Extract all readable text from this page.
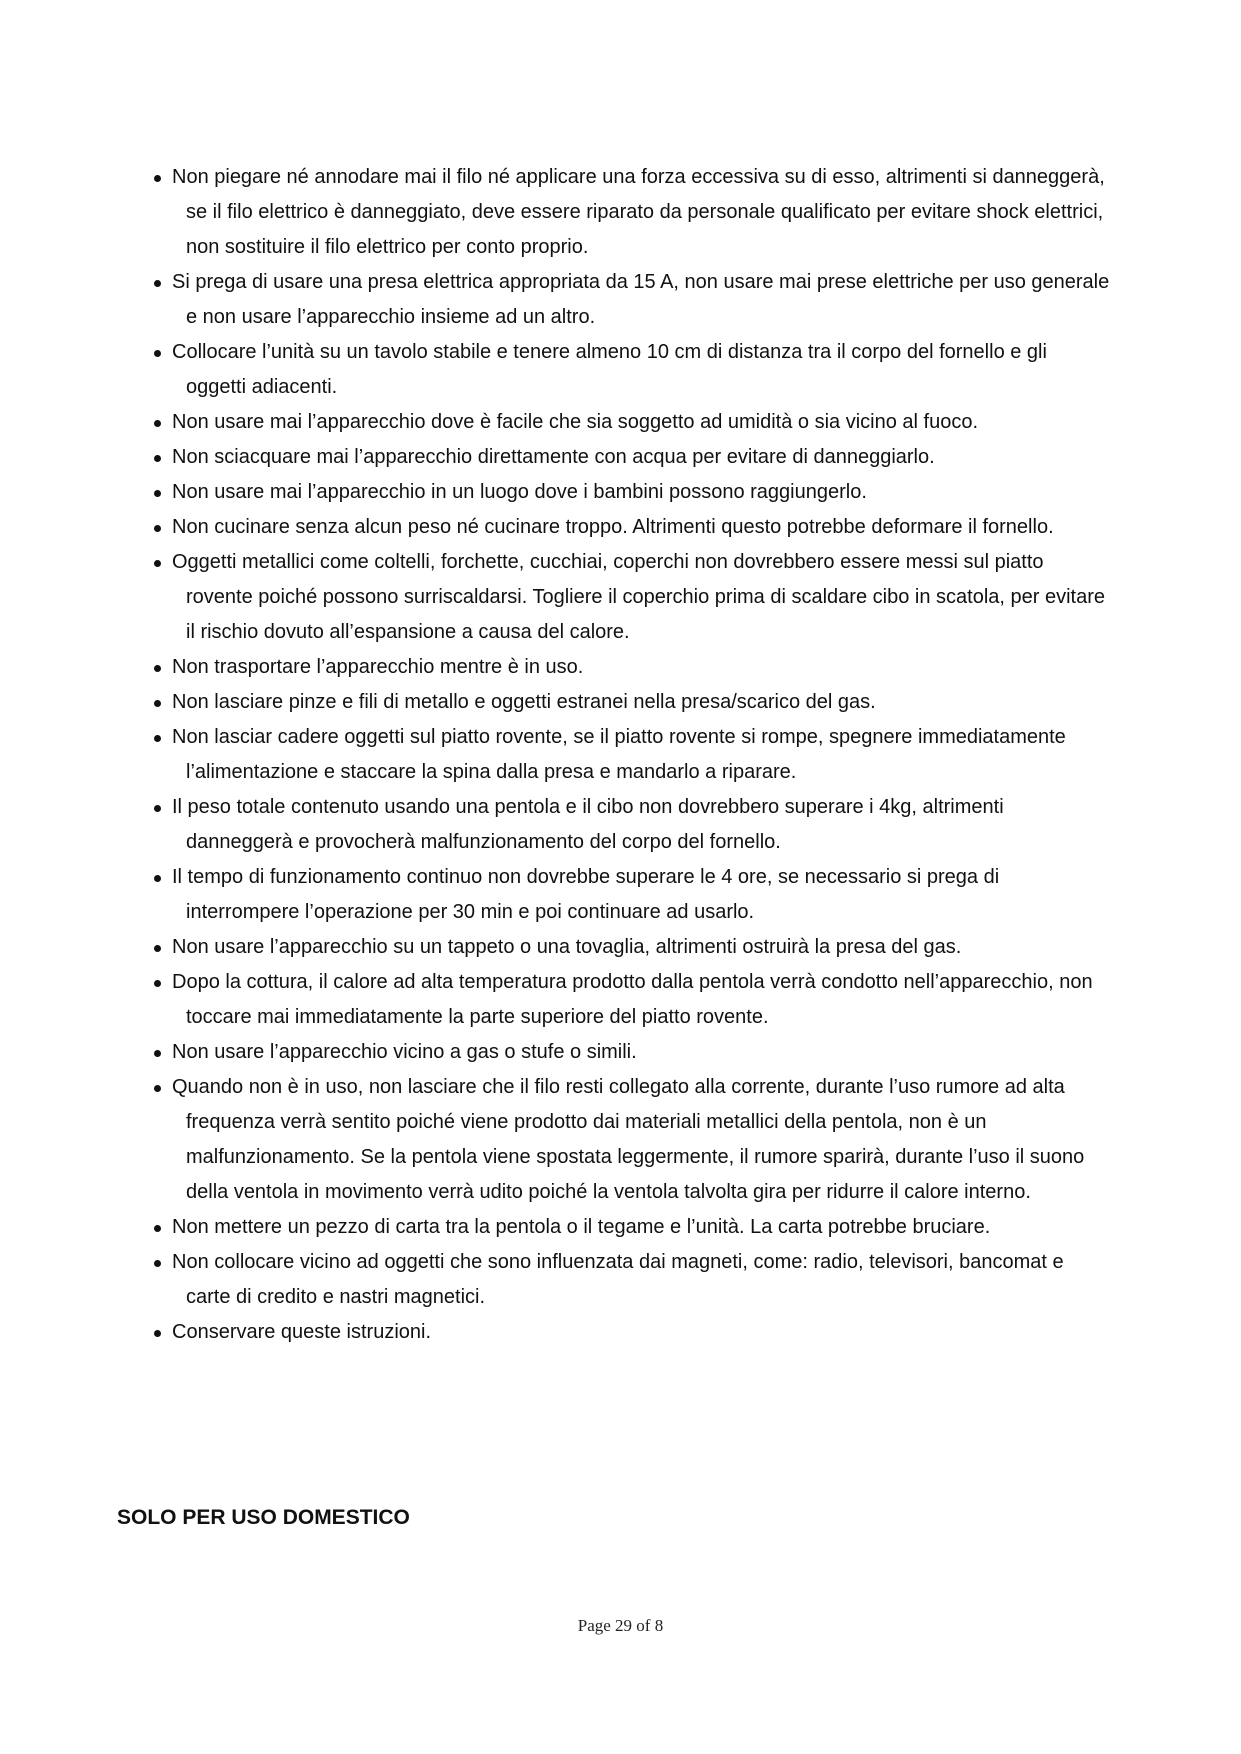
Non piegare né annodare mai il filo né applicare una forza eccessiva su di esso, altrimenti si danneggerà, se il filo elettrico è danneggiato, deve essere riparato da personale qualificato per evitare shock elettrici, non sostituire il filo elettrico per conto proprio.
Si prega di usare una presa elettrica appropriata da 15 A, non usare mai prese elettriche per uso generale e non usare l’apparecchio insieme ad un altro.
Collocare l’unità su un tavolo stabile e tenere almeno 10 cm di distanza tra il corpo del fornello e gli oggetti adiacenti.
Non usare mai l’apparecchio dove è facile che sia soggetto ad umidità o sia vicino al fuoco.
Non sciacquare mai l’apparecchio direttamente con acqua per evitare di danneggiarlo.
Non usare mai l’apparecchio in un luogo dove i bambini possono raggiungerlo.
Non cucinare senza alcun peso né cucinare troppo. Altrimenti questo potrebbe deformare il fornello.
Oggetti metallici come coltelli, forchette, cucchiai, coperchi non dovrebbero essere messi sul piatto rovente poiché possono surriscaldarsi. Togliere il coperchio prima di scaldare cibo in scatola, per evitare il rischio dovuto all’espansione a causa del calore.
Non trasportare l’apparecchio mentre è in uso.
Non lasciare pinze e fili di metallo e oggetti estranei nella presa/scarico del gas.
Non lasciar cadere oggetti sul piatto rovente, se il piatto rovente si rompe, spegnere immediatamente l’alimentazione e staccare la spina dalla presa e mandarlo a riparare.
Il peso totale contenuto usando una pentola e il cibo non dovrebbero superare i 4kg, altrimenti danneggerà e provocherà malfunzionamento del corpo del fornello.
Il tempo di funzionamento continuo non dovrebbe superare le 4 ore, se necessario si prega di interrompere l’operazione per 30 min e poi continuare ad usarlo.
Non usare l’apparecchio su un tappeto o una tovaglia, altrimenti ostruirà la presa del gas.
Dopo la cottura, il calore ad alta temperatura prodotto dalla pentola verrà condotto nell’apparecchio, non toccare mai immediatamente la parte superiore del piatto rovente.
Non usare l’apparecchio vicino a gas o stufe o simili.
Quando non è in uso, non lasciare che il filo resti collegato alla corrente, durante l’uso rumore ad alta frequenza verrà sentito poiché viene prodotto dai materiali metallici della pentola, non è un malfunzionamento. Se la pentola viene spostata leggermente, il rumore sparirà, durante l’uso il suono della ventola in movimento verrà udito poiché la ventola talvolta gira per ridurre il calore interno.
Non mettere un pezzo di carta tra la pentola o il tegame e l’unità. La carta potrebbe bruciare.
Non collocare vicino ad oggetti che sono influenzata dai magneti, come: radio, televisori, bancomat e carte di credito e nastri magnetici.
Conservare queste istruzioni.
SOLO PER USO DOMESTICO
Page 29 of 8
